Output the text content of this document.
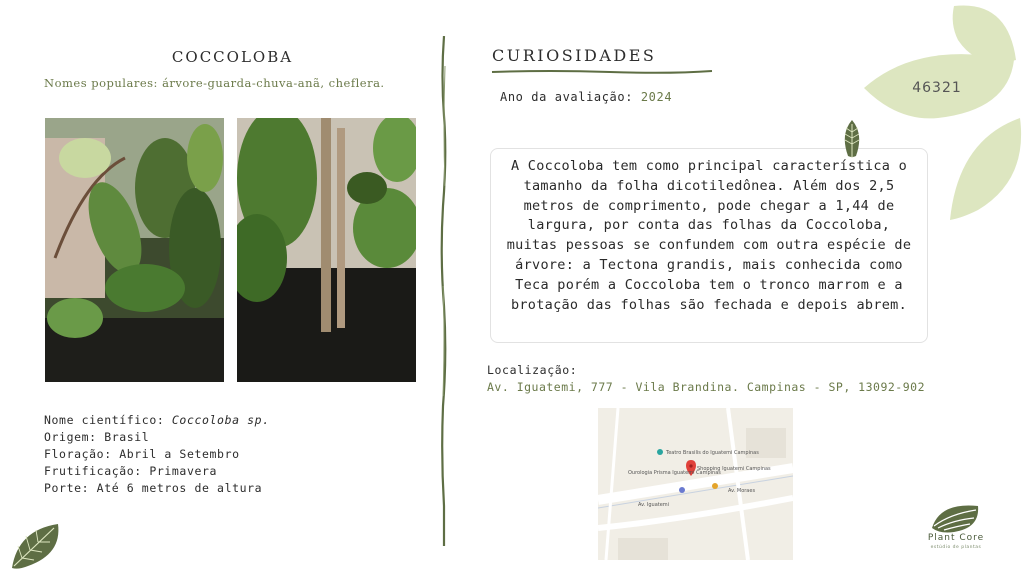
COCCOLOBA
Nomes populares: árvore-guarda-chuva-anã, cheflera.
Nome científico: Coccoloba sp.
Origem: Brasil
Floração: Abril a Setembro
Frutificação: Primavera
Porte: Até 6 metros de altura
CURIOSIDADES
Ano da avaliação: 2024
A Coccoloba tem como principal característica o tamanho da folha dicotiledônea. Além dos 2,5 metros de comprimento, pode chegar a 1,44 de largura, por conta das folhas da Coccoloba, muitas pessoas se confundem com outra espécie de árvore: a Tectona grandis, mais conhecida como Teca porém a Coccoloba tem o tronco marrom e a brotação das folhas são fechada e depois abrem.
Localização:
Av. Iguatemi, 777 - Vila Brandina. Campinas - SP, 13092-902
Teatro Brasilis do Iguatemi Campinas
Shopping Iguatemi Campinas
Ourologia Prisma Iguatemi Campinas
Av. Iguatemi
Av. Moraes
46321
Plant Core
estúdio de plantas
